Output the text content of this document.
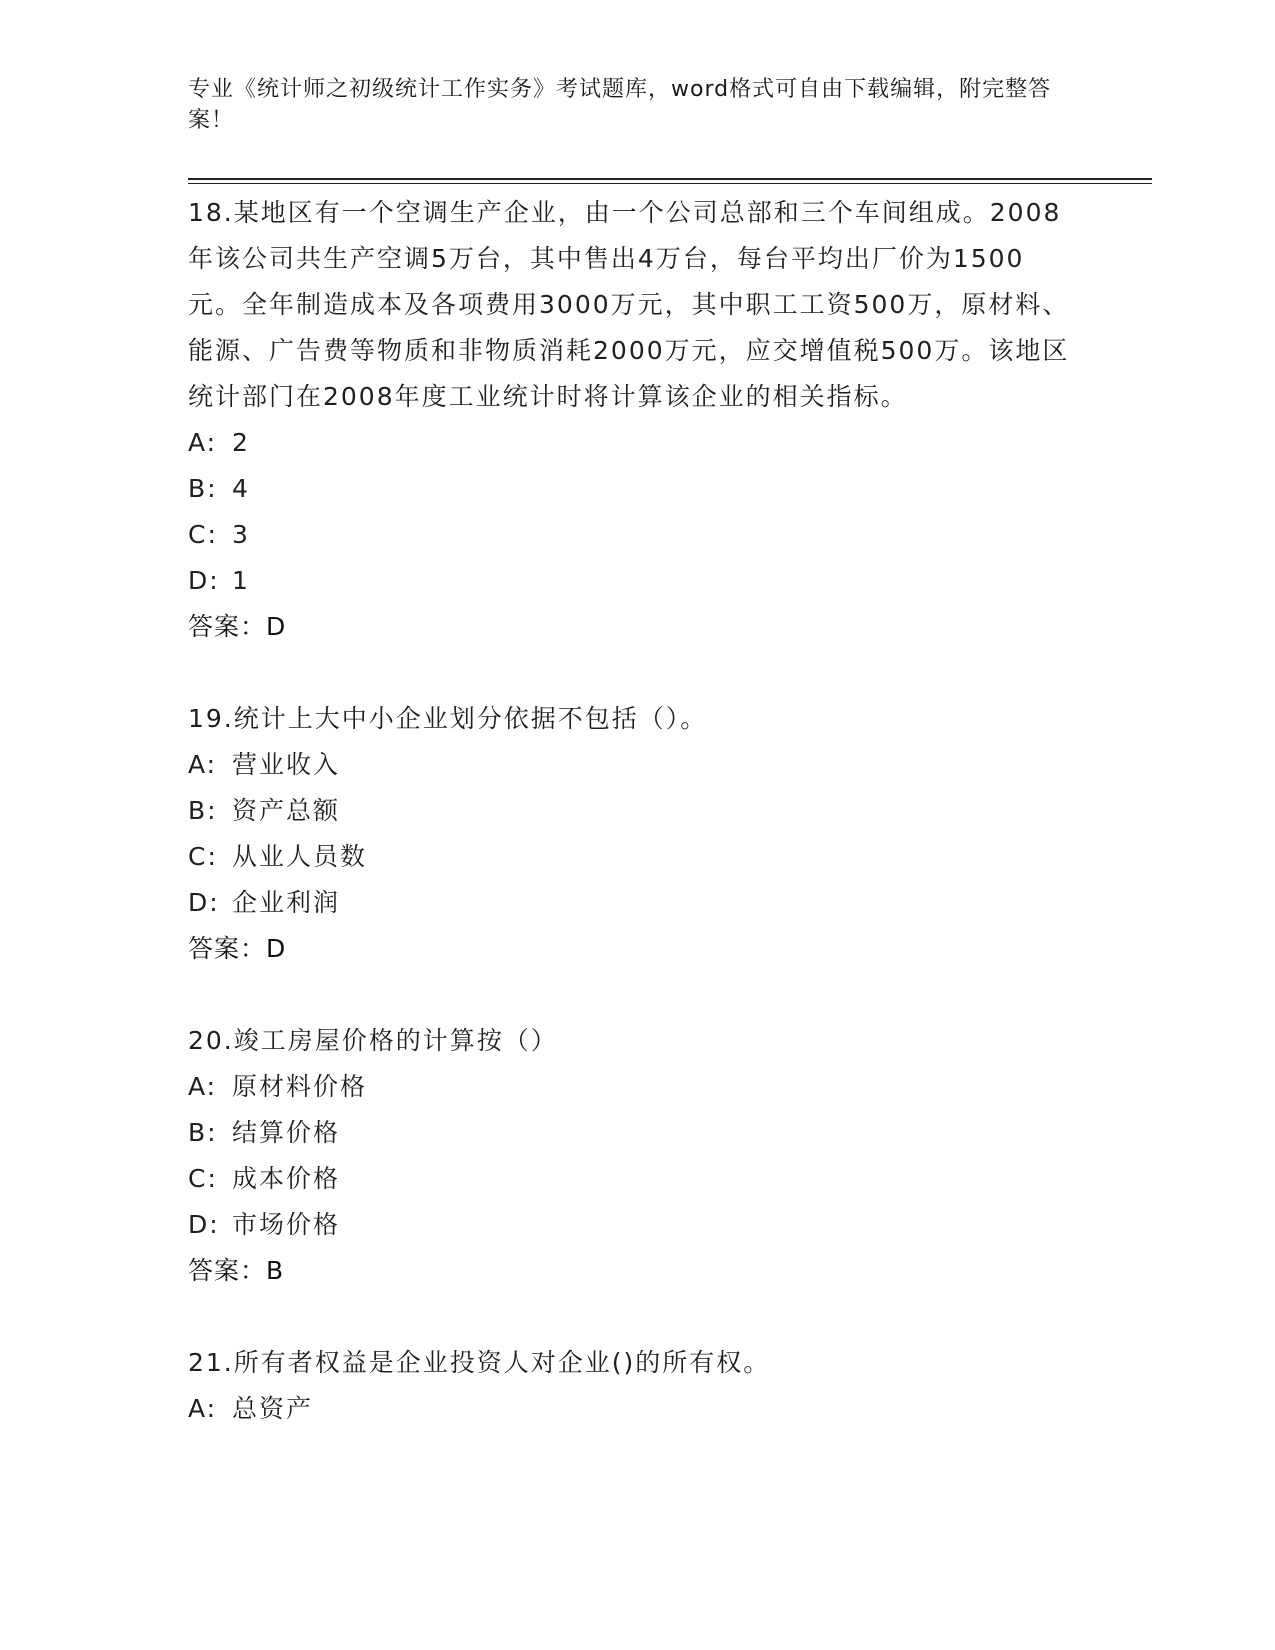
专业《统计师之初级统计工作实务》考试题库，word格式可自由下载编辑，附完整答案！

18.某地区有一个空调生产企业，由一个公司总部和三个车间组成。2008年该公司共生产空调5万台，其中售出4万台，每台平均出厂价为1500元。全年制造成本及各项费用3000万元，其中职工工资500万，原材料、能源、广告费等物质和非物质消耗2000万元，应交增值税500万。该地区统计部门在2008年度工业统计时将计算该企业的相关指标。

A: 2

B: 4

C: 3

D: 1

答案：D

19.统计上大中小企业划分依据不包括（）。

A: 营业收入

B: 资产总额

C: 从业人员数

D: 企业利润

答案：D

20.竣工房屋价格的计算按（）

A: 原材料价格

B: 结算价格

C: 成本价格

D: 市场价格

答案：B

21.所有者权益是企业投资人对企业()的所有权。

A: 总资产
